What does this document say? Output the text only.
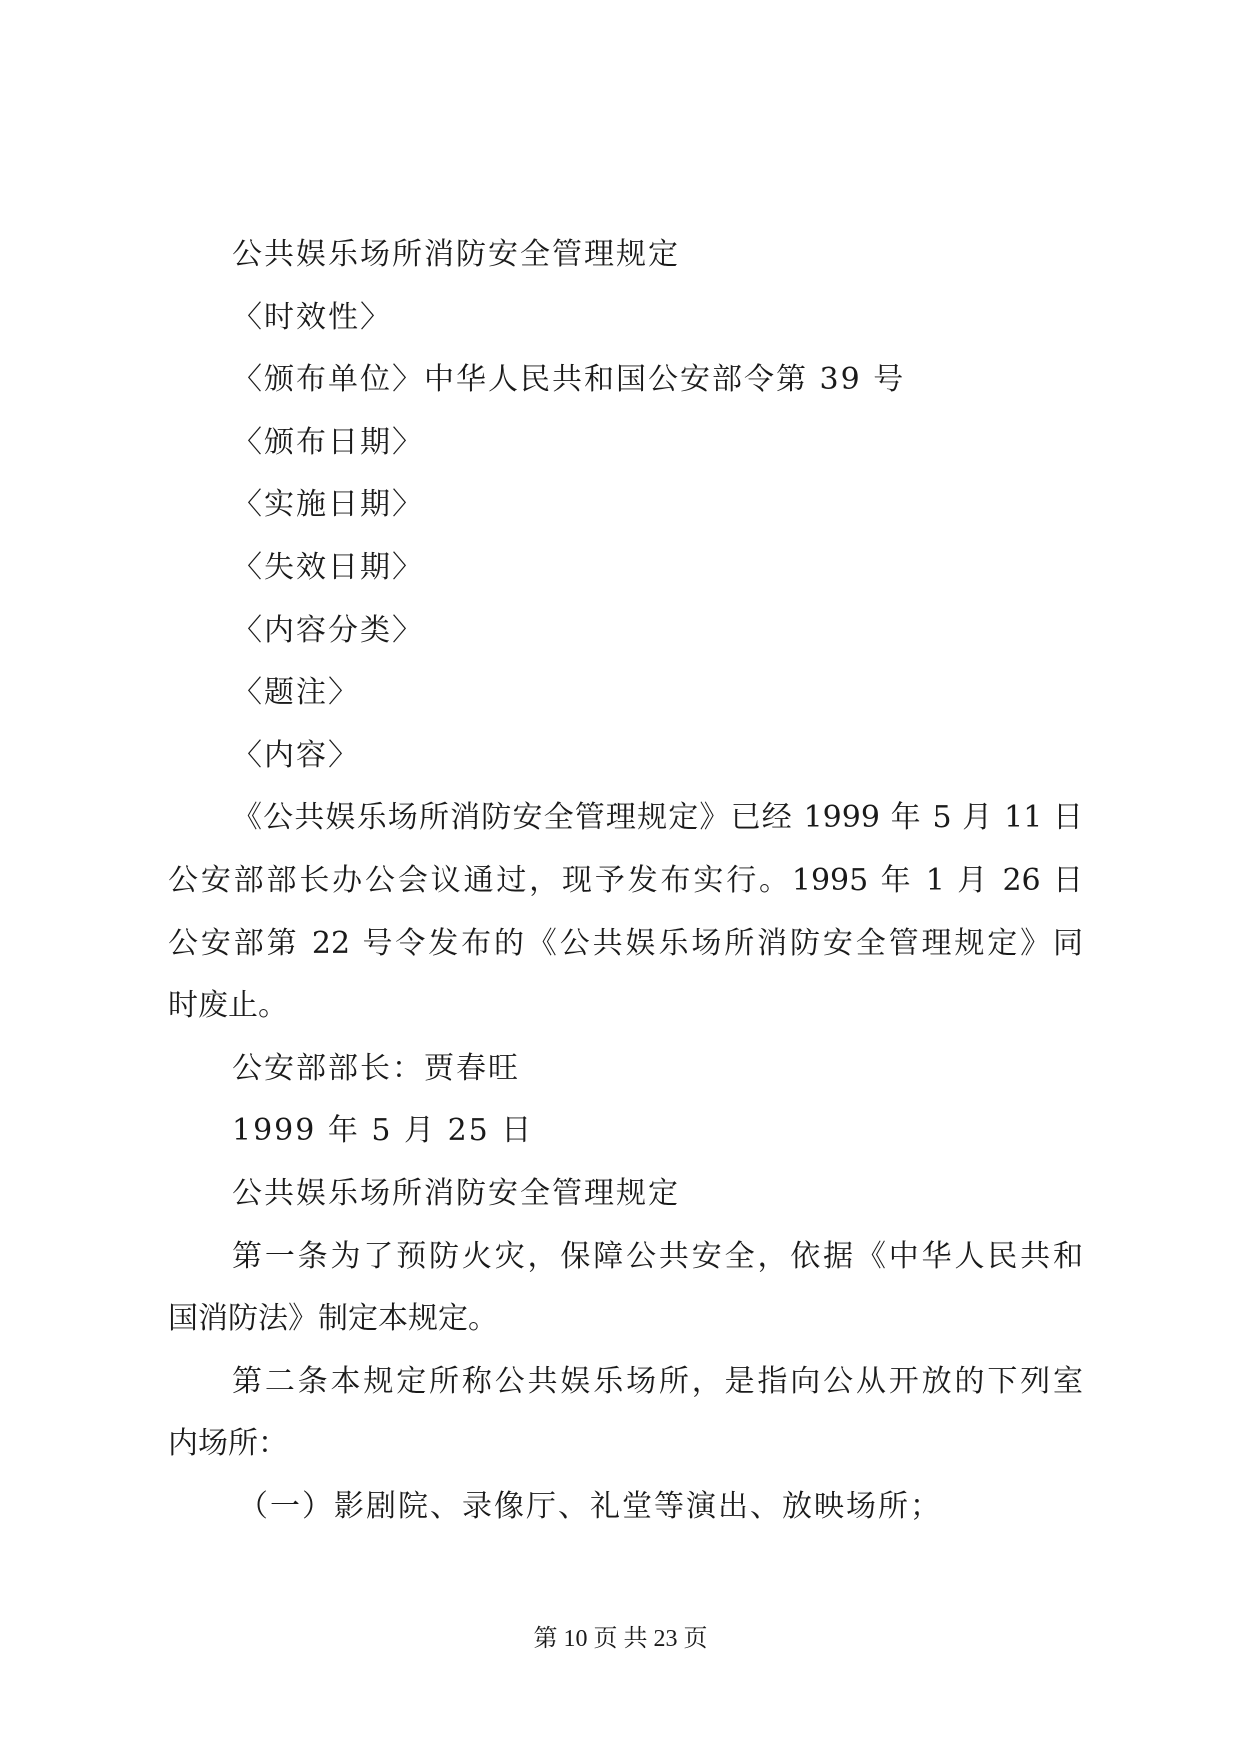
公共娱乐场所消防安全管理规定
〈时效性〉
〈颁布单位〉中华人民共和国公安部令第 39 号
〈颁布日期〉
〈实施日期〉
〈失效日期〉
〈内容分类〉
〈题注〉
〈内容〉
《公共娱乐场所消防安全管理规定》已经 1999 年 5 月 11 日
公安部部长办公会议通过，现予发布实行。1995 年 1 月 26 日
公安部第 22 号令发布的《公共娱乐场所消防安全管理规定》同
时废止。
公安部部长：贾春旺
1999 年 5 月 25 日
公共娱乐场所消防安全管理规定
第一条为了预防火灾，保障公共安全，依据《中华人民共和
国消防法》制定本规定。
第二条本规定所称公共娱乐场所，是指向公从开放的下列室
内场所：
（一）影剧院、录像厅、礼堂等演出、放映场所；
第 10 页 共 23 页
